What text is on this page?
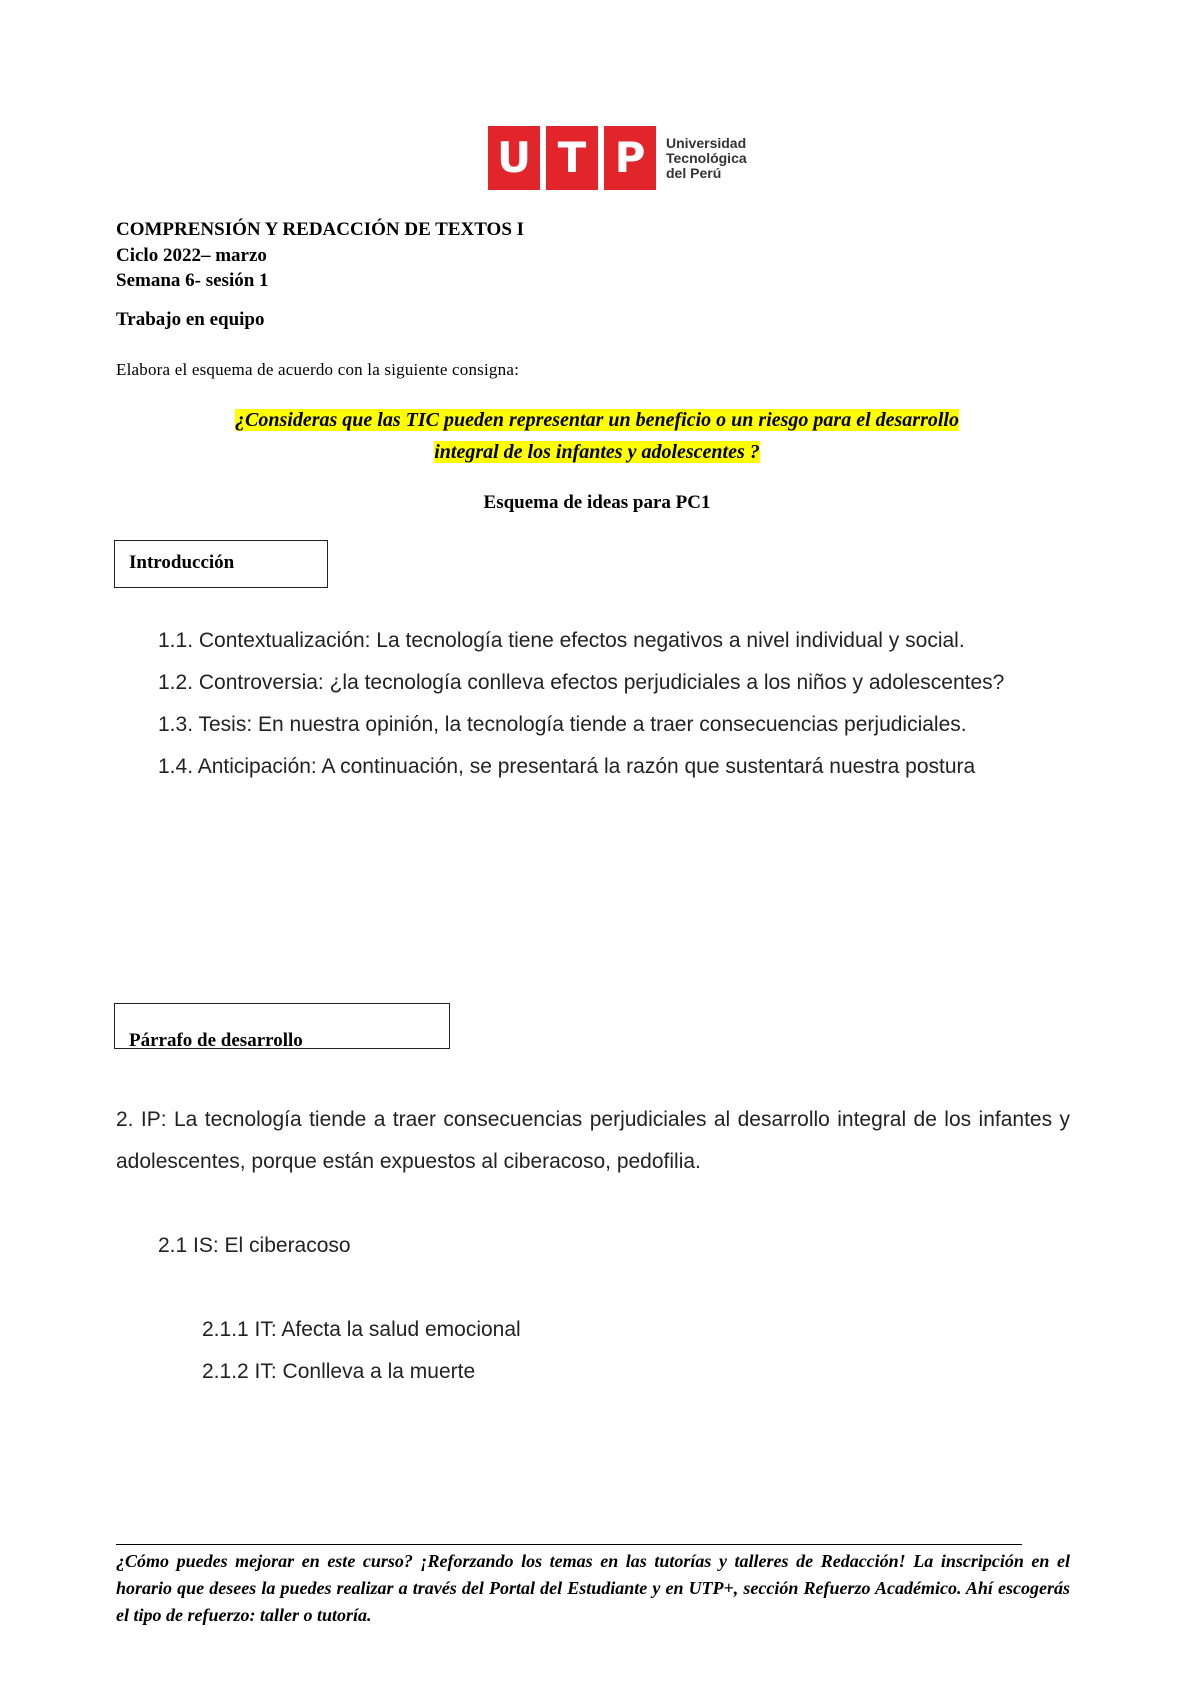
U T P	Universidad
Tecnológica
del Perú
COMPRENSIÓN Y REDACCIÓN DE TEXTOS I
Ciclo 2022– marzo
Semana 6- sesión 1
Trabajo en equipo
Elabora el esquema de acuerdo con la siguiente consigna:
¿Consideras que las TIC pueden representar un beneficio o un riesgo para el desarrollo
integral de los infantes y adolescentes ?
Esquema de ideas para PC1
Introducción
1.1. Contextualización: La tecnología tiene efectos negativos a nivel individual y social.
1.2. Controversia: ¿la tecnología conlleva efectos perjudiciales a los niños y adolescentes?
1.3. Tesis: En nuestra opinión, la tecnología tiende a traer consecuencias perjudiciales.
1.4. Anticipación: A continuación, se presentará la razón que sustentará nuestra postura
Párrafo de desarrollo
2. IP: La tecnología tiende a traer consecuencias perjudiciales al desarrollo integral de los infantes y adolescentes, porque están expuestos al ciberacoso, pedofilia.
2.1 IS: El ciberacoso
2.1.1 IT: Afecta la salud emocional
2.1.2 IT: Conlleva a la muerte
¿Cómo puedes mejorar en este curso? ¡Reforzando los temas en las tutorías y talleres de Redacción! La inscripción en el horario que desees la puedes realizar a través del Portal del Estudiante y en UTP+, sección Refuerzo Académico. Ahí escogerás el tipo de refuerzo: taller o tutoría.
